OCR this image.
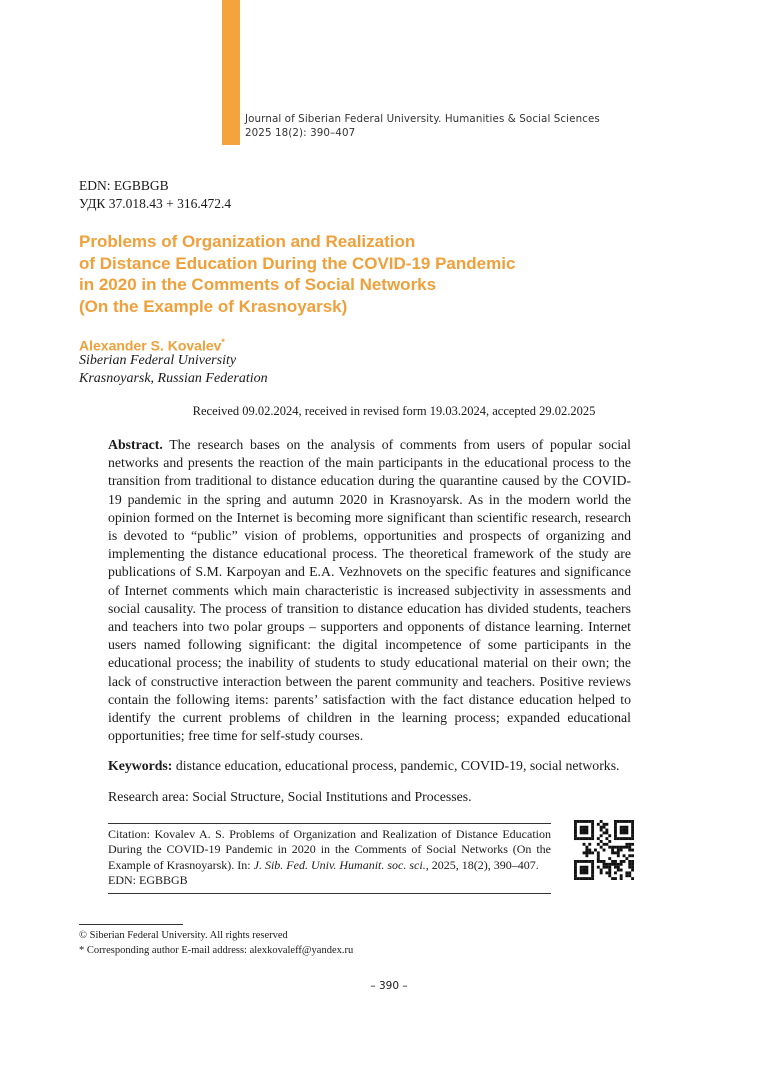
Journal of Siberian Federal University. Humanities & Social Sciences
2025 18(2): 390–407
EDN: EGBBGB
УДК 37.018.43 + 316.472.4
Problems of Organization and Realization
of Distance Education During the COVID-19 Pandemic
in 2020 in the Comments of Social Networks
(On the Example of Krasnoyarsk)
Alexander S. Kovalev*
Siberian Federal University
Krasnoyarsk, Russian Federation
Received 09.02.2024, received in revised form 19.03.2024, accepted 29.02.2025
Abstract. The research bases on the analysis of comments from users of popular social networks and presents the reaction of the main participants in the educational process to the transition from traditional to distance education during the quarantine caused by the COVID-19 pandemic in the spring and autumn 2020 in Krasnoyarsk. As in the modern world the opinion formed on the Internet is becoming more significant than scientific research, research is devoted to “public” vision of problems, opportunities and prospects of organizing and implementing the distance educational process. The theoretical framework of the study are publications of S.M. Karpoyan and E.A. Vezhnovets on the specific features and significance of Internet comments which main characteristic is increased subjectivity in assessments and social causality. The process of transition to distance education has divided students, teachers and teachers into two polar groups – supporters and opponents of distance learning. Internet users named following significant: the digital incompetence of some participants in the educational process; the inability of students to study educational material on their own; the lack of constructive interaction between the parent community and teachers. Positive reviews contain the following items: parents’ satisfaction with the fact distance education helped to identify the current problems of children in the learning process; expanded educational opportunities; free time for self-study courses.
Keywords: distance education, educational process, pandemic, COVID-19, social networks.
Research area: Social Structure, Social Institutions and Processes.
Citation: Kovalev A. S. Problems of Organization and Realization of Distance Education During the COVID-19 Pandemic in 2020 in the Comments of Social Networks (On the Example of Krasnoyarsk). In: J. Sib. Fed. Univ. Humanit. soc. sci., 2025, 18(2), 390–407.
EDN: EGBBGB
© Siberian Federal University. All rights reserved
* Corresponding author E-mail address: alexkovaleff@yandex.ru
– 390 –
